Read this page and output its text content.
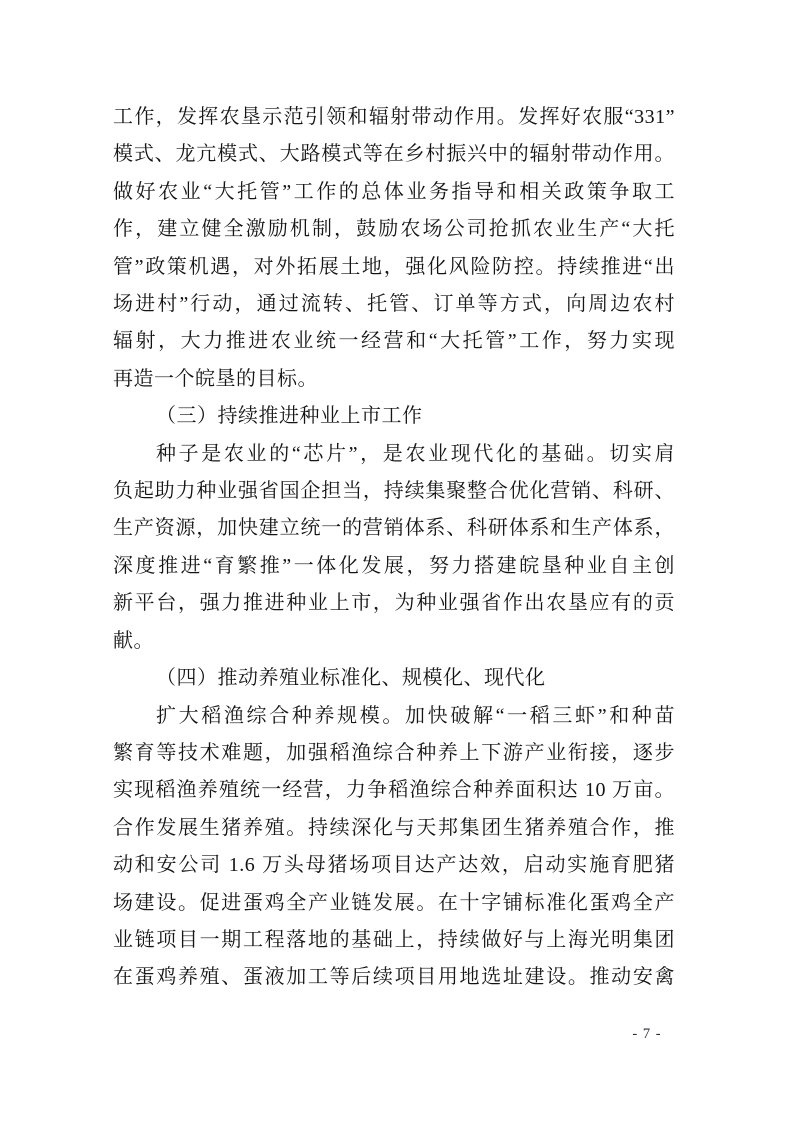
工作，发挥农垦示范引领和辐射带动作用。发挥好农服“331”
模式、龙亢模式、大路模式等在乡村振兴中的辐射带动作用。
做好农业“大托管”工作的总体业务指导和相关政策争取工
作，建立健全激励机制，鼓励农场公司抢抓农业生产“大托
管”政策机遇，对外拓展土地，强化风险防控。持续推进“出
场进村”行动，通过流转、托管、订单等方式，向周边农村
辐射，大力推进农业统一经营和“大托管”工作，努力实现
再造一个皖垦的目标。
（三）持续推进种业上市工作
种子是农业的“芯片”，是农业现代化的基础。切实肩
负起助力种业强省国企担当，持续集聚整合优化营销、科研、
生产资源，加快建立统一的营销体系、科研体系和生产体系，
深度推进“育繁推”一体化发展，努力搭建皖垦种业自主创
新平台，强力推进种业上市，为种业强省作出农垦应有的贡
献。
（四）推动养殖业标准化、规模化、现代化
扩大稻渔综合种养规模。加快破解“一稻三虾”和种苗
繁育等技术难题，加强稻渔综合种养上下游产业衔接，逐步
实现稻渔养殖统一经营，力争稻渔综合种养面积达 10 万亩。
合作发展生猪养殖。持续深化与天邦集团生猪养殖合作，推
动和安公司 1.6 万头母猪场项目达产达效，启动实施育肥猪
场建设。促进蛋鸡全产业链发展。在十字铺标准化蛋鸡全产
业链项目一期工程落地的基础上，持续做好与上海光明集团
在蛋鸡养殖、蛋液加工等后续项目用地选址建设。推动安禽
- 7 -
